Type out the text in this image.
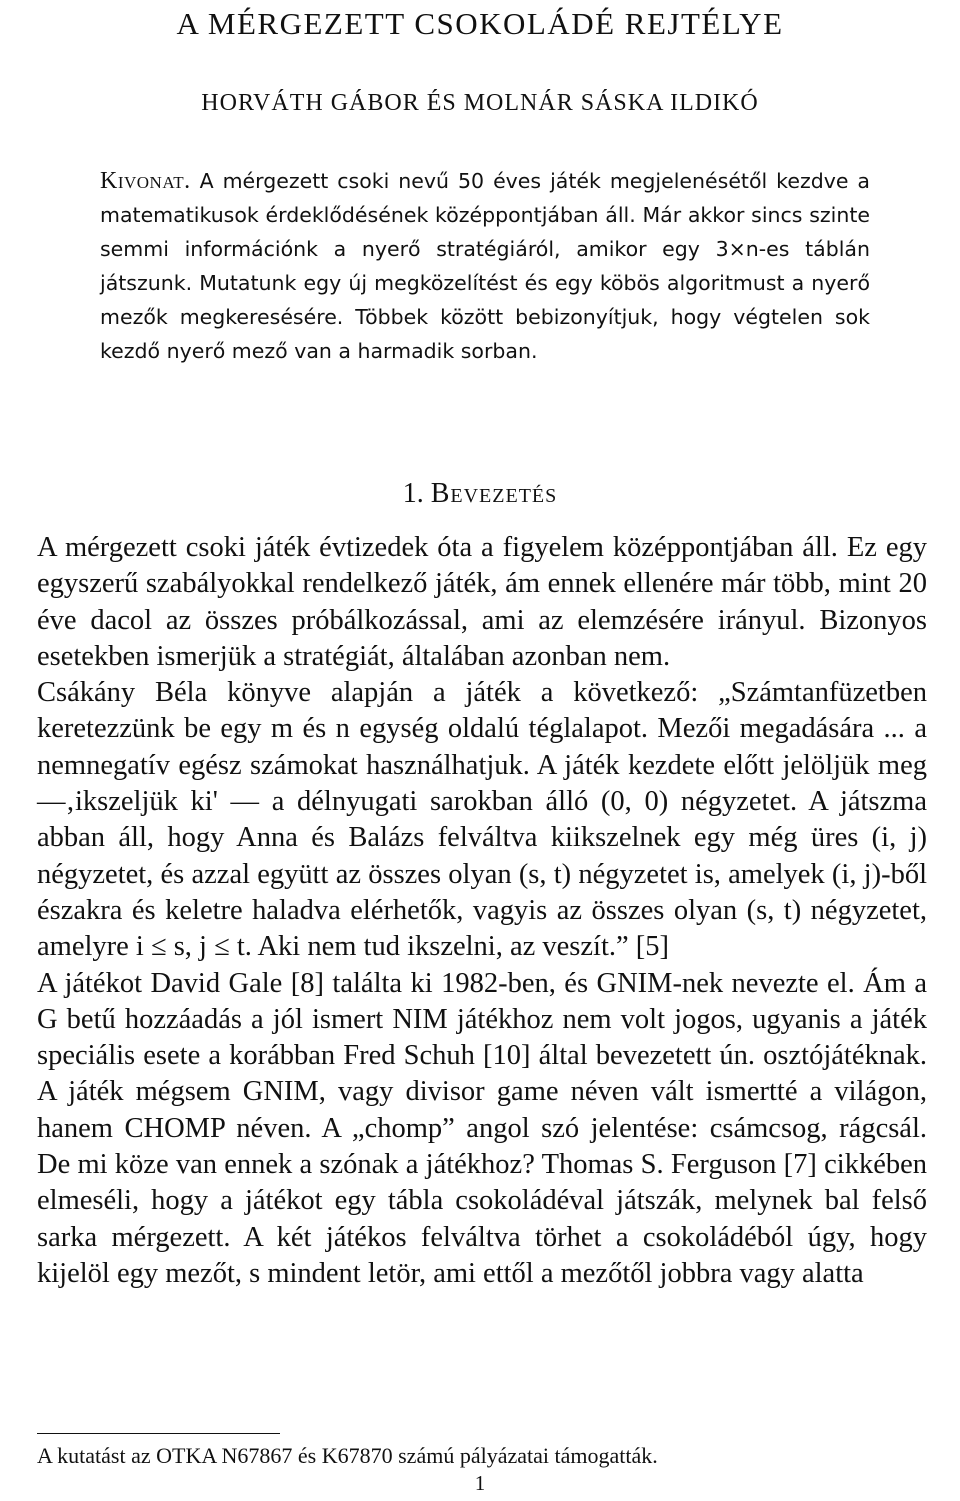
A MÉRGEZETT CSOKOLÁDÉ REJTÉLYE
HORVÁTH GÁBOR ÉS MOLNÁR SÁSKA ILDIKÓ
Kivonat. A mérgezett csoki nevű 50 éves játék megjelenésétől kezdve a matematikusok érdeklődésének középpontjában áll. Már akkor sincs szinte semmi információnk a nyerő stratégiáról, amikor egy 3×n-es táblán játszunk. Mutatunk egy új megközelítést és egy köbös algoritmust a nyerő mezők megkeresésére. Többek között bebizonyítjuk, hogy végtelen sok kezdő nyerő mező van a harmadik sorban.
1. Bevezetés

A mérgezett csoki játék évtizedek óta a figyelem középpontjában áll. Ez egy egyszerű szabályokkal rendelkező játék, ám ennek ellenére már több, mint 20 éve dacol az összes próbálkozással, ami az elemzésére irányul. Bizonyos esetekben ismerjük a stratégiát, általában azonban nem.

Csákány Béla könyve alapján a játék a következő: „Számtanfüzetben keretezzünk be egy m és n egység oldalú téglalapot. Mezői megadására ... a nemnegatív egész számokat használhatjuk. A játék kezdete előtt jelöljük meg —‚ikszeljük ki' — a délnyugati sarokban álló (0, 0) négyzetet. A játszma abban áll, hogy Anna és Balázs felváltva kiikszelnek egy még üres (i, j) négyzetet, és azzal együtt az összes olyan (s, t) négyzetet is, amelyek (i, j)-ből északra és keletre haladva elérhetők, vagyis az összes olyan (s, t) négyzetet, amelyre i ≤ s, j ≤ t. Aki nem tud ikszelni, az veszít.” [5]

A játékot David Gale [8] találta ki 1982-ben, és GNIM-nek nevezte el. Ám a G betű hozzáadás a jól ismert NIM játékhoz nem volt jogos, ugyanis a játék speciális esete a korábban Fred Schuh [10] által bevezetett ún. osztójátéknak. A játék mégsem GNIM, vagy divisor game néven vált ismertté a világon, hanem CHOMP néven. A „chomp” angol szó jelentése: csámcsog, rágcsál. De mi köze van ennek a szónak a játékhoz? Thomas S. Ferguson [7] cikkében elmeséli, hogy a játékot egy tábla csokoládéval játszák, melynek bal felső sarka mérgezett. A két játékos felváltva törhet a csokoládéból úgy, hogy kijelöl egy mezőt, s mindent letör, ami ettől a mezőtől jobbra vagy alatta

A kutatást az OTKA N67867 és K67870 számú pályázatai támogatták.
1
